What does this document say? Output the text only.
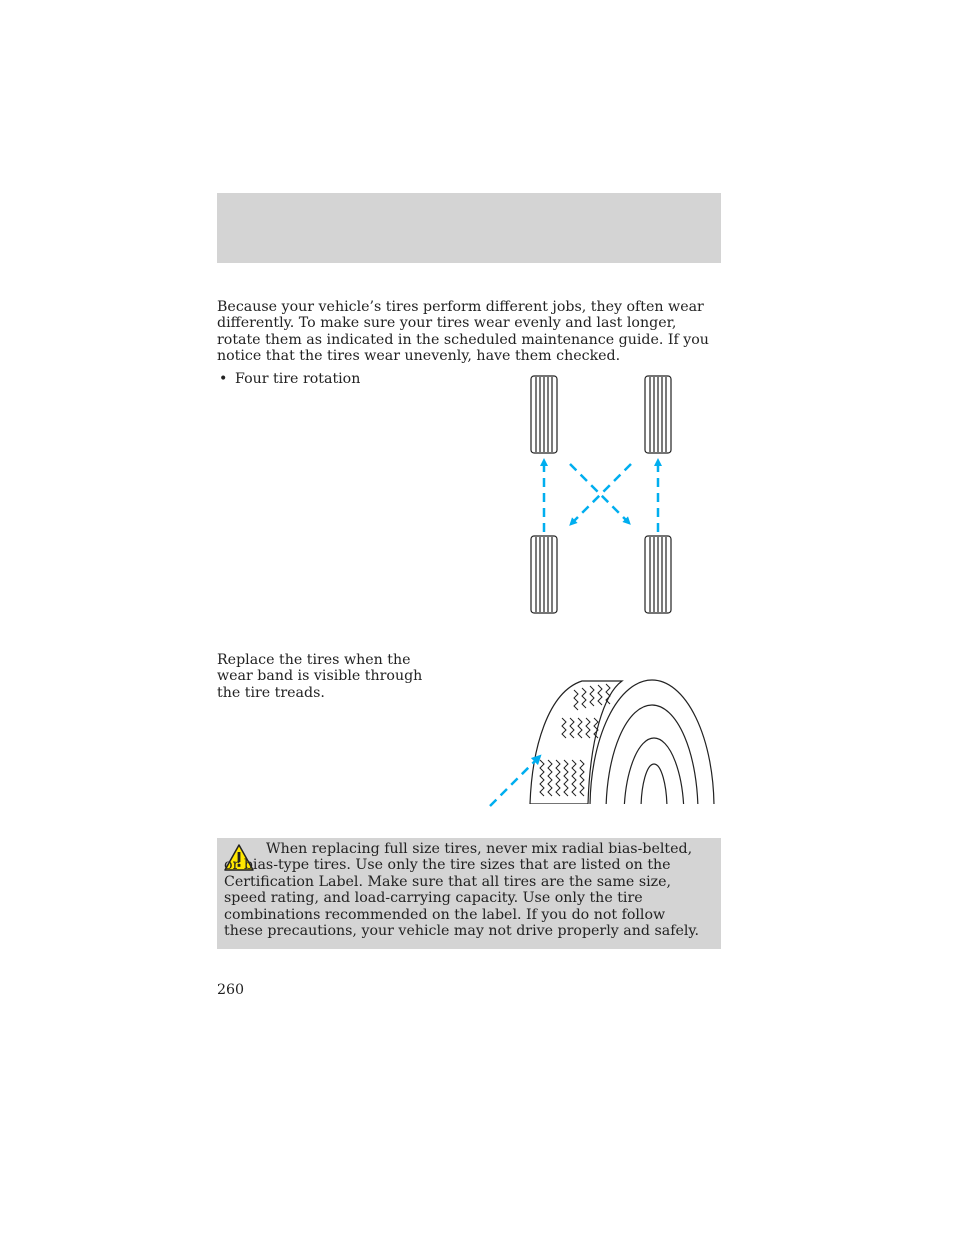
Because your vehicle’s tires perform different jobs, they often wear differently. To make sure your tires wear evenly and last longer, rotate them as indicated in the scheduled maintenance guide. If you notice that the tires wear unevenly, have them checked.

• Four tire rotation

Replace the tires when the wear band is visible through the tire treads.

When replacing full size tires, never mix radial bias-belted, or bias-type tires. Use only the tire sizes that are listed on the Certification Label. Make sure that all tires are the same size, speed rating, and load-carrying capacity. Use only the tire combinations recommended on the label. If you do not follow these precautions, your vehicle may not drive properly and safely.

260
